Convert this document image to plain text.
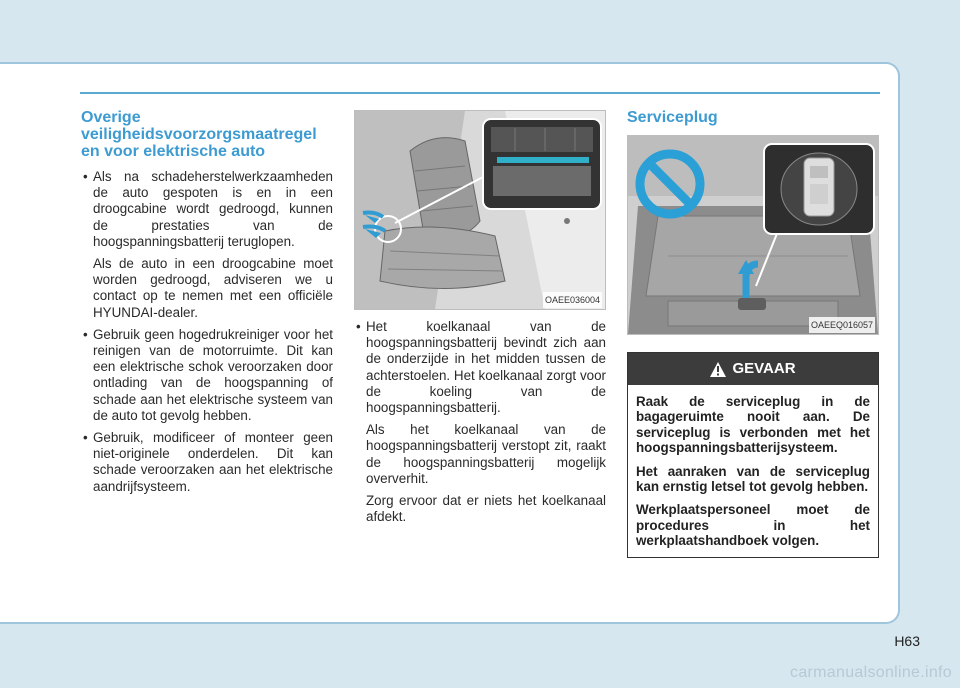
Overige veiligheidsvoorzorgsmaatregel en voor elektrische auto
• Als na schadeherstelwerkzaamheden de auto gespoten is en in een droogcabine wordt gedroogd, kunnen de prestaties van de hoogspanningsbatterij teruglopen.

Als de auto in een droogcabine moet worden gedroogd, adviseren we u contact op te nemen met een officiële HYUNDAI-dealer.

• Gebruik geen hogedrukreiniger voor het reinigen van de motorruimte. Dit kan een elektrische schok veroorzaken door ontlading van de hoogspanning of schade aan het elektrische systeem van de auto tot gevolg hebben.
• Gebruik, modificeer of monteer geen niet-originele onderdelen. Dit kan schade veroorzaken aan het elektrische aandrijfsysteem.
OAEE036004
• Het koelkanaal van de hoogspanningsbatterij bevindt zich aan de onderzijde in het midden tussen de achterstoelen. Het koelkanaal zorgt voor de koeling van de hoogspanningsbatterij.

Als het koelkanaal van de hoogspanningsbatterij verstopt zit, raakt de hoogspanningsbatterij mogelijk oververhit.

Zorg ervoor dat er niets het koelkanaal afdekt.

Serviceplug
OAEEQ016057
GEVAAR

Raak de serviceplug in de bagageruimte nooit aan. De serviceplug is verbonden met het hoogspanningsbatterijsysteem.

Het aanraken van de serviceplug kan ernstig letsel tot gevolg hebben.

Werkplaatspersoneel moet de procedures in het werkplaatshandboek volgen.

H63
carmanualsonline.info
